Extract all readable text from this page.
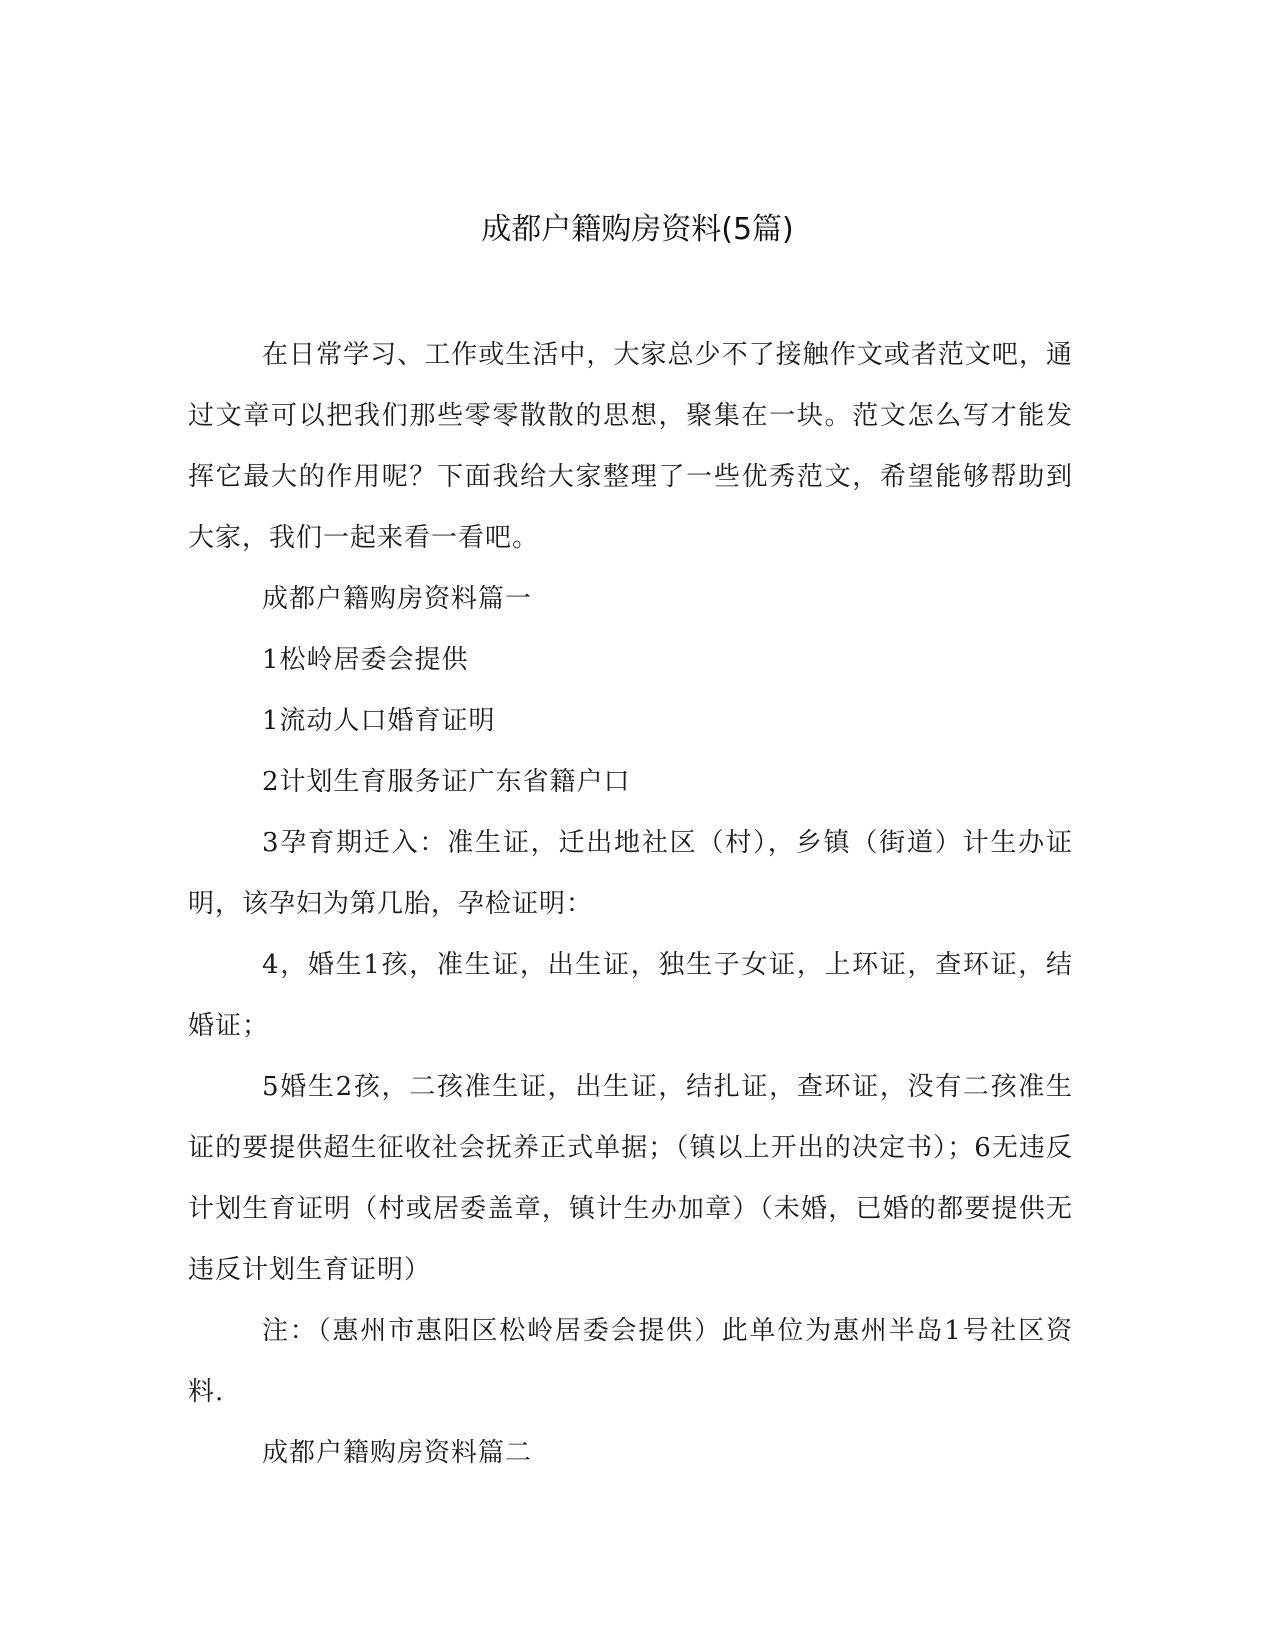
成都户籍购房资料(5篇)

在日常学习、工作或生活中，大家总少不了接触作文或者范文吧，通过文章可以把我们那些零零散散的思想，聚集在一块。范文怎么写才能发挥它最大的作用呢？下面我给大家整理了一些优秀范文，希望能够帮助到大家，我们一起来看一看吧。

成都户籍购房资料篇一

1松岭居委会提供

1流动人口婚育证明

2计划生育服务证广东省籍户口

3孕育期迁入：准生证，迁出地社区（村），乡镇（街道）计生办证明，该孕妇为第几胎，孕检证明：

4，婚生1孩，准生证，出生证，独生子女证，上环证，查环证，结婚证；

5婚生2孩，二孩准生证，出生证，结扎证，查环证，没有二孩准生证的要提供超生征收社会抚养正式单据；（镇以上开出的决定书）；6无违反计划生育证明（村或居委盖章，镇计生办加章）（未婚，已婚的都要提供无违反计划生育证明）

注：（惠州市惠阳区松岭居委会提供）此单位为惠州半岛1号社区资料.

成都户籍购房资料篇二
